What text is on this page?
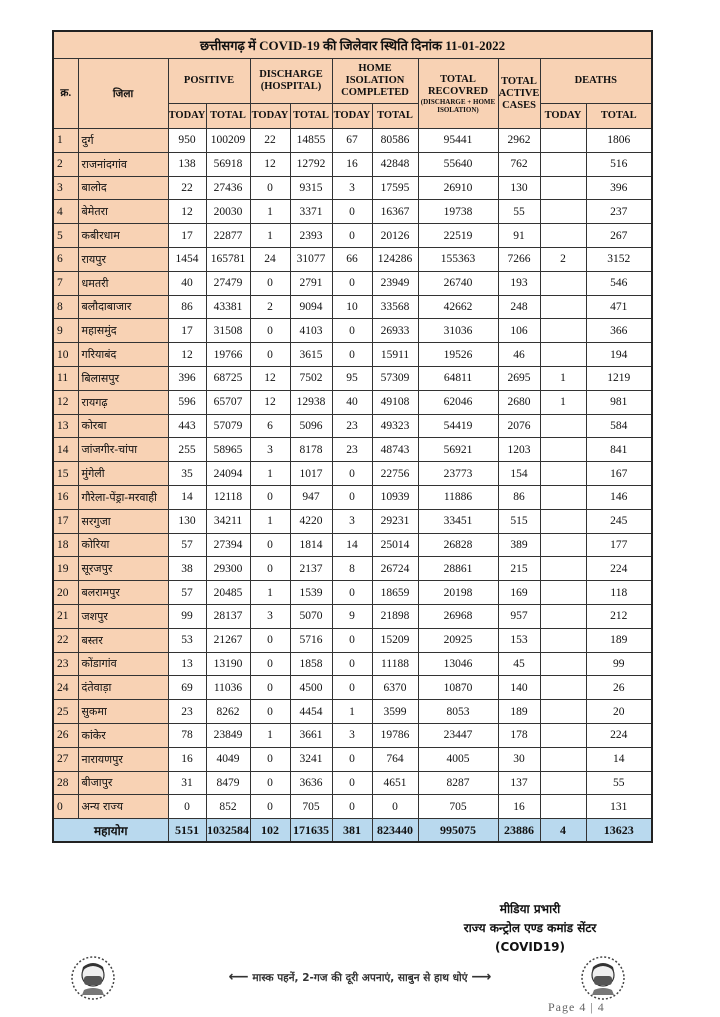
छत्तीसगढ़ में COVID-19 की जिलेवार स्थिति दिनांक 11-01-2022											
क्र.	जिला	POSITIVE		DISCHARGE (HOSPITAL)		HOME ISOLATION COMPLETED		TOTAL RECOVRED
(DISCHARGE + HOME ISOLATION)	TOTAL ACTIVE CASES	DEATHS	
		TODAY	TOTAL	TODAY	TOTAL	TODAY	TOTAL			TODAY	TOTAL
1	दुर्ग	950	100209	22	14855	67	80586	95441	2962		1806
2	राजनांदगांव	138	56918	12	12792	16	42848	55640	762		516
3	बालोद	22	27436	0	9315	3	17595	26910	130		396
4	बेमेतरा	12	20030	1	3371	0	16367	19738	55		237
5	कबीरधाम	17	22877	1	2393	0	20126	22519	91		267
6	रायपुर	1454	165781	24	31077	66	124286	155363	7266	2	3152
7	धमतरी	40	27479	0	2791	0	23949	26740	193		546
8	बलौदाबाजार	86	43381	2	9094	10	33568	42662	248		471
9	महासमुंद	17	31508	0	4103	0	26933	31036	106		366
10	गरियाबंद	12	19766	0	3615	0	15911	19526	46		194
11	बिलासपुर	396	68725	12	7502	95	57309	64811	2695	1	1219
12	रायगढ़	596	65707	12	12938	40	49108	62046	2680	1	981
13	कोरबा	443	57079	6	5096	23	49323	54419	2076		584
14	जांजगीर-चांपा	255	58965	3	8178	23	48743	56921	1203		841
15	मुंगेली	35	24094	1	1017	0	22756	23773	154		167
16	गौरेला-पेंड्रा-मरवाही	14	12118	0	947	0	10939	11886	86		146
17	सरगुजा	130	34211	1	4220	3	29231	33451	515		245
18	कोरिया	57	27394	0	1814	14	25014	26828	389		177
19	सूरजपुर	38	29300	0	2137	8	26724	28861	215		224
20	बलरामपुर	57	20485	1	1539	0	18659	20198	169		118
21	जशपुर	99	28137	3	5070	9	21898	26968	957		212
22	बस्तर	53	21267	0	5716	0	15209	20925	153		189
23	कोंडागांव	13	13190	0	1858	0	11188	13046	45		99
24	दंतेवाड़ा	69	11036	0	4500	0	6370	10870	140		26
25	सुकमा	23	8262	0	4454	1	3599	8053	189		20
26	कांकेर	78	23849	1	3661	3	19786	23447	178		224
27	नारायणपुर	16	4049	0	3241	0	764	4005	30		14
28	बीजापुर	31	8479	0	3636	0	4651	8287	137		55
0	अन्य राज्य	0	852	0	705	0	0	705	16		131
महायोग		5151	1032584	102	171635	381	823440	995075	23886	4	13623
मीडिया प्रभारी
राज्य कन्ट्रोल एण्ड कमांड सेंटर
(COVID19)
⟵ मास्क पहनें, 2-गज की दूरी अपनाएं, साबुन से हाथ धोएं ⟶
Page 4 | 4
